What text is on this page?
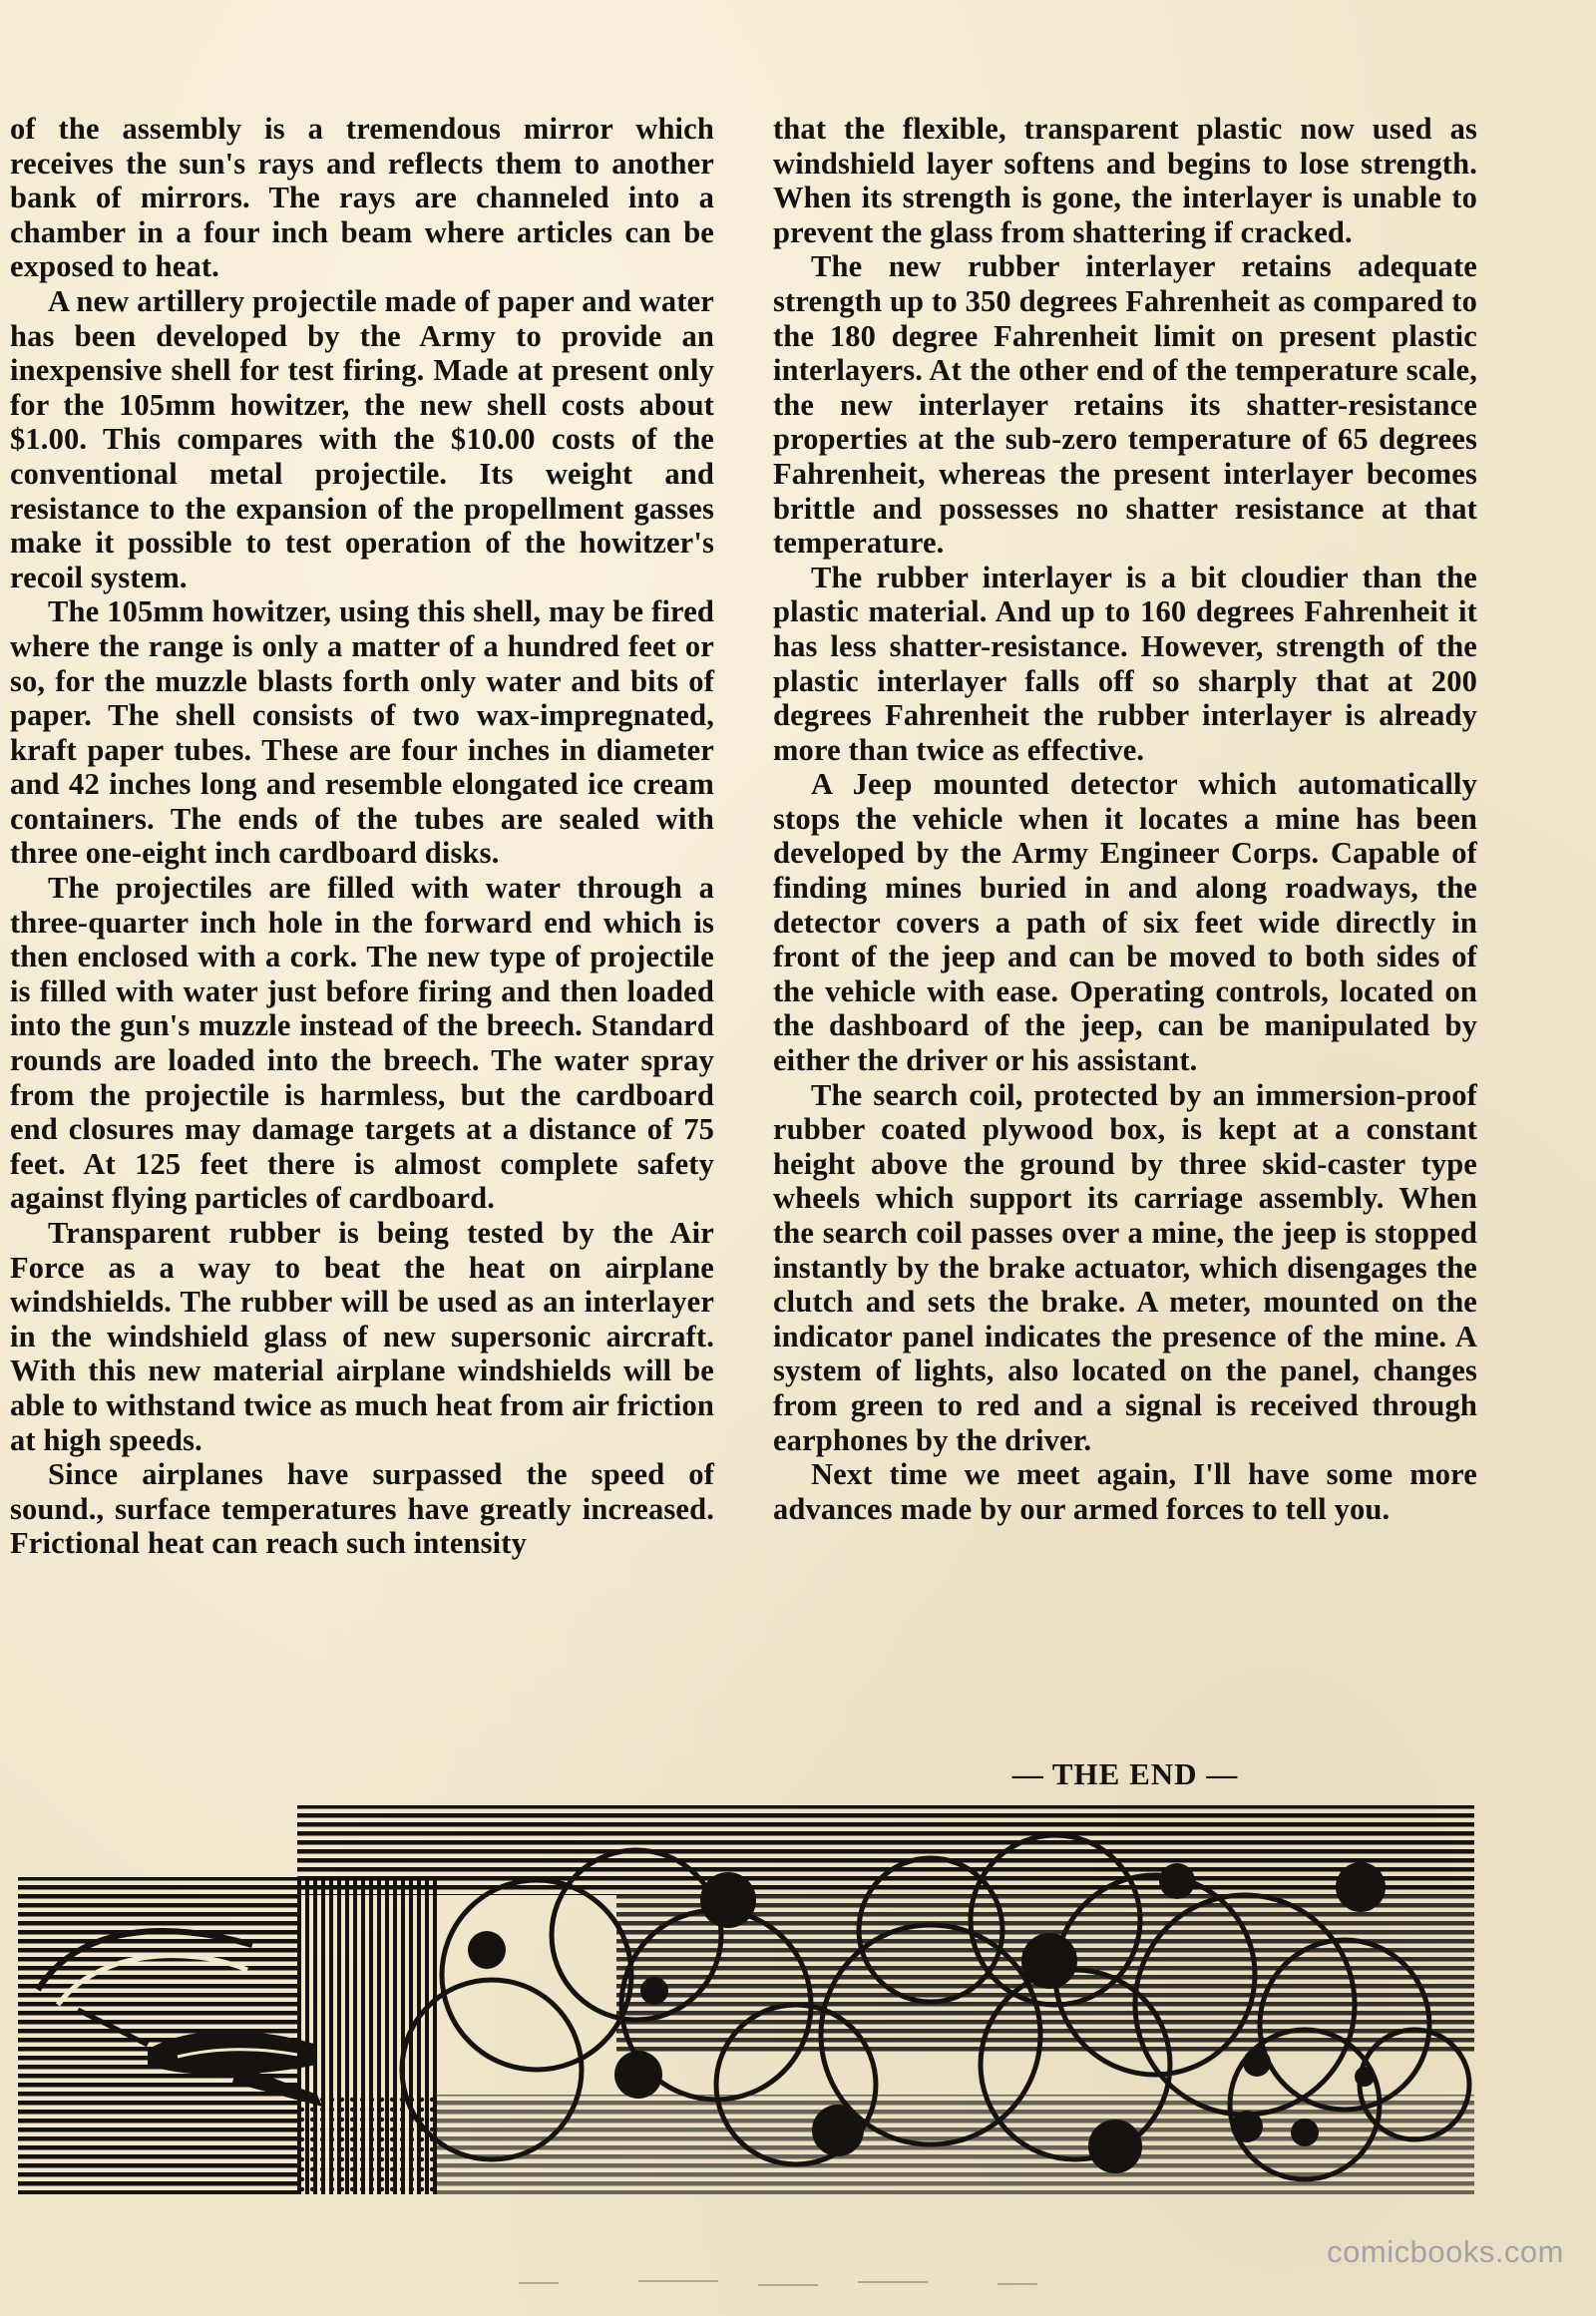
of the assembly is a tremendous mirror which receives the sun's rays and reflects them to another bank of mirrors. The rays are channeled into a chamber in a four inch beam where articles can be exposed to heat.

A new artillery projectile made of paper and water has been developed by the Army to provide an inexpensive shell for test firing. Made at present only for the 105mm howitzer, the new shell costs about $1.00. This compares with the $10.00 costs of the conventional metal projectile. Its weight and resistance to the expansion of the propellment gasses make it possible to test operation of the howitzer's recoil system.

The 105mm howitzer, using this shell, may be fired where the range is only a matter of a hundred feet or so, for the muzzle blasts forth only water and bits of paper. The shell consists of two wax-impregnated, kraft paper tubes. These are four inches in diameter and 42 inches long and resemble elongated ice cream containers. The ends of the tubes are sealed with three one-eight inch cardboard disks.

The projectiles are filled with water through a three-quarter inch hole in the forward end which is then enclosed with a cork. The new type of projectile is filled with water just before firing and then loaded into the gun's muzzle instead of the breech. Standard rounds are loaded into the breech. The water spray from the projectile is harmless, but the cardboard end closures may damage targets at a distance of 75 feet. At 125 feet there is almost complete safety against flying particles of cardboard.

Transparent rubber is being tested by the Air Force as a way to beat the heat on airplane windshields. The rubber will be used as an interlayer in the windshield glass of new supersonic aircraft. With this new material airplane windshields will be able to withstand twice as much heat from air friction at high speeds.

Since airplanes have surpassed the speed of sound., surface temperatures have greatly increased. Frictional heat can reach such intensity

that the flexible, transparent plastic now used as windshield layer softens and begins to lose strength. When its strength is gone, the interlayer is unable to prevent the glass from shattering if cracked.

The new rubber interlayer retains adequate strength up to 350 degrees Fahrenheit as compared to the 180 degree Fahrenheit limit on present plastic interlayers. At the other end of the temperature scale, the new interlayer retains its shatter-resistance properties at the sub-zero temperature of 65 degrees Fahrenheit, whereas the present interlayer becomes brittle and possesses no shatter resistance at that temperature.

The rubber interlayer is a bit cloudier than the plastic material. And up to 160 degrees Fahrenheit it has less shatter-resistance. However, strength of the plastic interlayer falls off so sharply that at 200 degrees Fahrenheit the rubber interlayer is already more than twice as effective.

A Jeep mounted detector which automatically stops the vehicle when it locates a mine has been developed by the Army Engineer Corps. Capable of finding mines buried in and along roadways, the detector covers a path of six feet wide directly in front of the jeep and can be moved to both sides of the vehicle with ease. Operating controls, located on the dashboard of the jeep, can be manipulated by either the driver or his assistant.

The search coil, protected by an immersion-proof rubber coated plywood box, is kept at a constant height above the ground by three skid-caster type wheels which support its carriage assembly. When the search coil passes over a mine, the jeep is stopped instantly by the brake actuator, which disengages the clutch and sets the brake. A meter, mounted on the indicator panel indicates the presence of the mine. A system of lights, also located on the panel, changes from green to red and a signal is received through earphones by the driver.

Next time we meet again, I'll have some more advances made by our armed forces to tell you.

— THE END —
comicbooks.com
